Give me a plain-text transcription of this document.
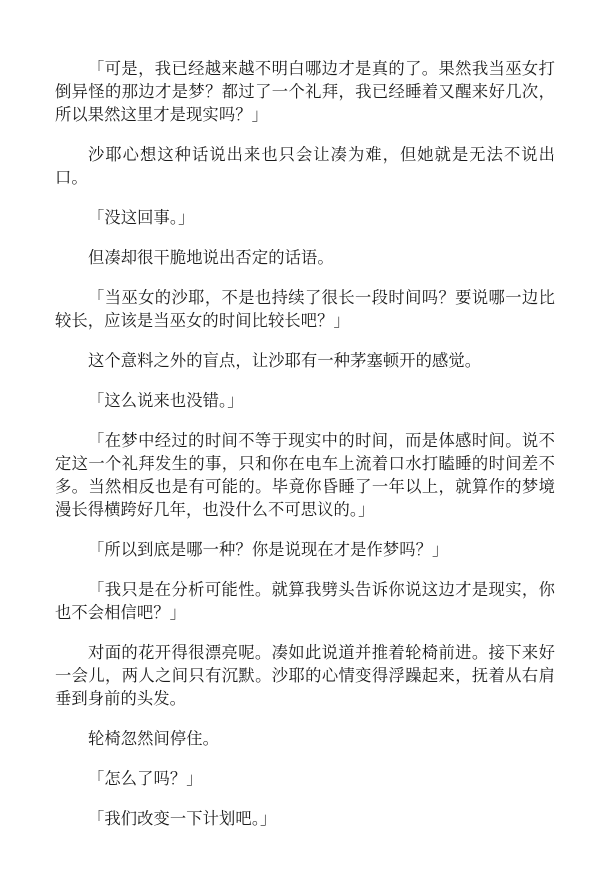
「可是，我已经越来越不明白哪边才是真的了。果然我当巫女打倒异怪的那边才是梦？都过了一个礼拜，我已经睡着又醒来好几次，所以果然这里才是现实吗？」

沙耶心想这种话说出来也只会让凑为难，但她就是无法不说出口。

「没这回事。」

但凑却很干脆地说出否定的话语。

「当巫女的沙耶，不是也持续了很长一段时间吗？要说哪一边比较长，应该是当巫女的时间比较长吧？」

这个意料之外的盲点，让沙耶有一种茅塞顿开的感觉。

「这么说来也没错。」

「在梦中经过的时间不等于现实中的时间，而是体感时间。说不定这一个礼拜发生的事，只和你在电车上流着口水打瞌睡的时间差不多。当然相反也是有可能的。毕竟你昏睡了一年以上，就算作的梦境漫长得横跨好几年，也没什么不可思议的。」

「所以到底是哪一种？你是说现在才是作梦吗？」

「我只是在分析可能性。就算我劈头告诉你说这边才是现实，你也不会相信吧？」

对面的花开得很漂亮呢。凑如此说道并推着轮椅前进。接下来好一会儿，两人之间只有沉默。沙耶的心情变得浮躁起来，抚着从右肩垂到身前的头发。

轮椅忽然间停住。

「怎么了吗？」

「我们改变一下计划吧。」
